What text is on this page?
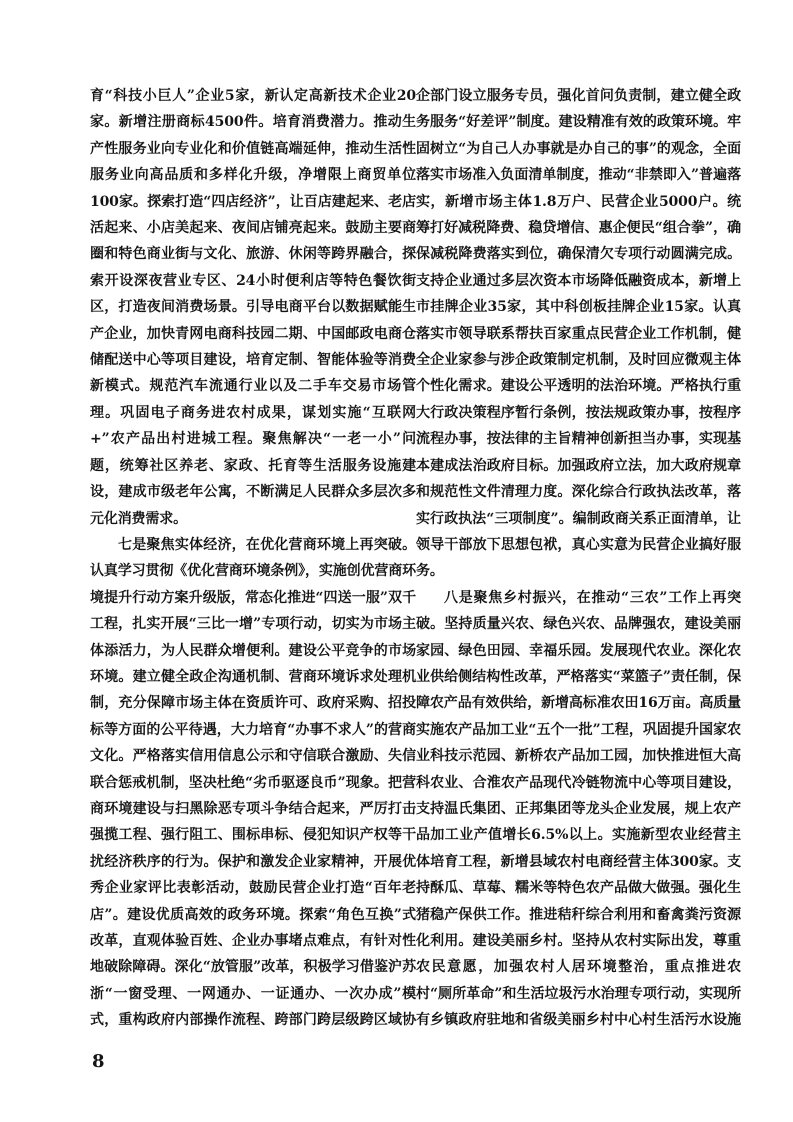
育“科技小巨人”企业5家，新认定高新技术企业20家。新增注册商标4500件。培育消费潜力。推动生产性服务业向专业化和价值链高端延伸，推动生活性服务业向高品质和多样化升级，净增限上商贸单位100家。探索打造“四店经济”，让百店建起来、老店活起来、小店美起来、夜间店铺亮起来。鼓励主要商圈和特色商业街与文化、旅游、休闲等跨界融合，探索开设深夜营业专区、24小时便利店等特色餐饮街区，打造夜间消费场景。引导电商平台以数据赋能生产企业，加快青网电商科技园二期、中国邮政电商仓储配送中心等项目建设，培育定制、智能体验等消费新模式。规范汽车流通行业以及二手车交易市场管理。巩固电子商务进农村成果，谋划实施“互联网+”农产品出村进城工程。聚焦解决“一老一小”问题，统筹社区养老、家政、托育等生活服务设施建设，建成市级老年公寓，不断满足人民群众多层次多元化消费需求。

七是聚焦实体经济，在优化营商环境上再突破。认真学习贯彻《优化营商环境条例》，实施创优营商环境提升行动方案升级版，常态化推进“四送一服”双千工程，扎实开展“三比一增”专项行动，切实为市场主体添活力，为人民群众增便利。建设公平竞争的市场环境。建立健全政企沟通机制、营商环境诉求处理机制，充分保障市场主体在资质许可、政府采购、招投标等方面的公平待遇，大力培育“办事不求人”的营商文化。严格落实信用信息公示和守信联合激励、失信联合惩戒机制，坚决杜绝“劣币驱逐良币”现象。把营商环境建设与扫黑除恶专项斗争结合起来，严厉打击强揽工程、强行阻工、围标串标、侵犯知识产权等干扰经济秩序的行为。保护和激发企业家精神，开展优秀企业家评比表彰活动，鼓励民营企业打造“百年老店”。建设优质高效的政务环境。探索“角色互换”式改革，直观体验百姓、企业办事堵点难点，有针对性地破除障碍。深化“放管服”改革，积极学习借鉴沪苏浙“一窗受理、一网通办、一证通办、一次办成”模式，重构政府内部操作流程、跨部门跨层级跨区域协

企部门设立服务专员，强化首问负责制，建立健全政务服务“好差评”制度。建设精准有效的政策环境。牢固树立“为自己人办事就是办自己的事”的观念，全面落实市场准入负面清单制度，推动“非禁即入”普遍落实，新增市场主体1.8万户、民营企业5000户。统筹打好减税降费、稳贷增信、惠企便民“组合拳”，确保减税降费落实到位，确保清欠专项行动圆满完成。支持企业通过多层次资本市场降低融资成本，新增上市挂牌企业35家，其中科创板挂牌企业15家。认真落实市领导联系帮扶百家重点民营企业工作机制，健全企业家参与涉企政策制定机制，及时回应微观主体个性化需求。建设公平透明的法治环境。严格执行重大行政决策程序暂行条例，按法规政策办事，按程序流程办事，按法律的主旨精神创新担当办事，实现基本建成法治政府目标。加强政府立法，加大政府规章和规范性文件清理力度。深化综合行政执法改革，落实行政执法“三项制度”。编制政商关系正面清单，让领导干部放下思想包袱，真心实意为民营企业搞好服务。

八是聚焦乡村振兴，在推动“三农”工作上再突破。坚持质量兴农、绿色兴农、品牌强农，建设美丽家园、绿色田园、幸福乐园。发展现代农业。深化农业供给侧结构性改革，严格落实“菜篮子”责任制，保障农产品有效供给，新增高标准农田16万亩。高质量实施农产品加工业“五个一批”工程，巩固提升国家农业科技示范园、新桥农产品加工园，加快推进恒大高科农业、合淮农产品现代冷链物流中心等项目建设，支持温氏集团、正邦集团等龙头企业发展，规上农产品加工业产值增长6.5%以上。实施新型农业经营主体培育工程，新增县域农村电商经营主体300家。支持酥瓜、草莓、糯米等特色农产品做大做强。强化生猪稳产保供工作。推进秸秆综合利用和畜禽粪污资源化利用。建设美丽乡村。坚持从农村实际出发，尊重农民意愿，加强农村人居环境整治，重点推进农村“厕所革命”和生活垃圾污水治理专项行动，实现所有乡镇政府驻地和省级美丽乡村中心村生活污水设施

8
